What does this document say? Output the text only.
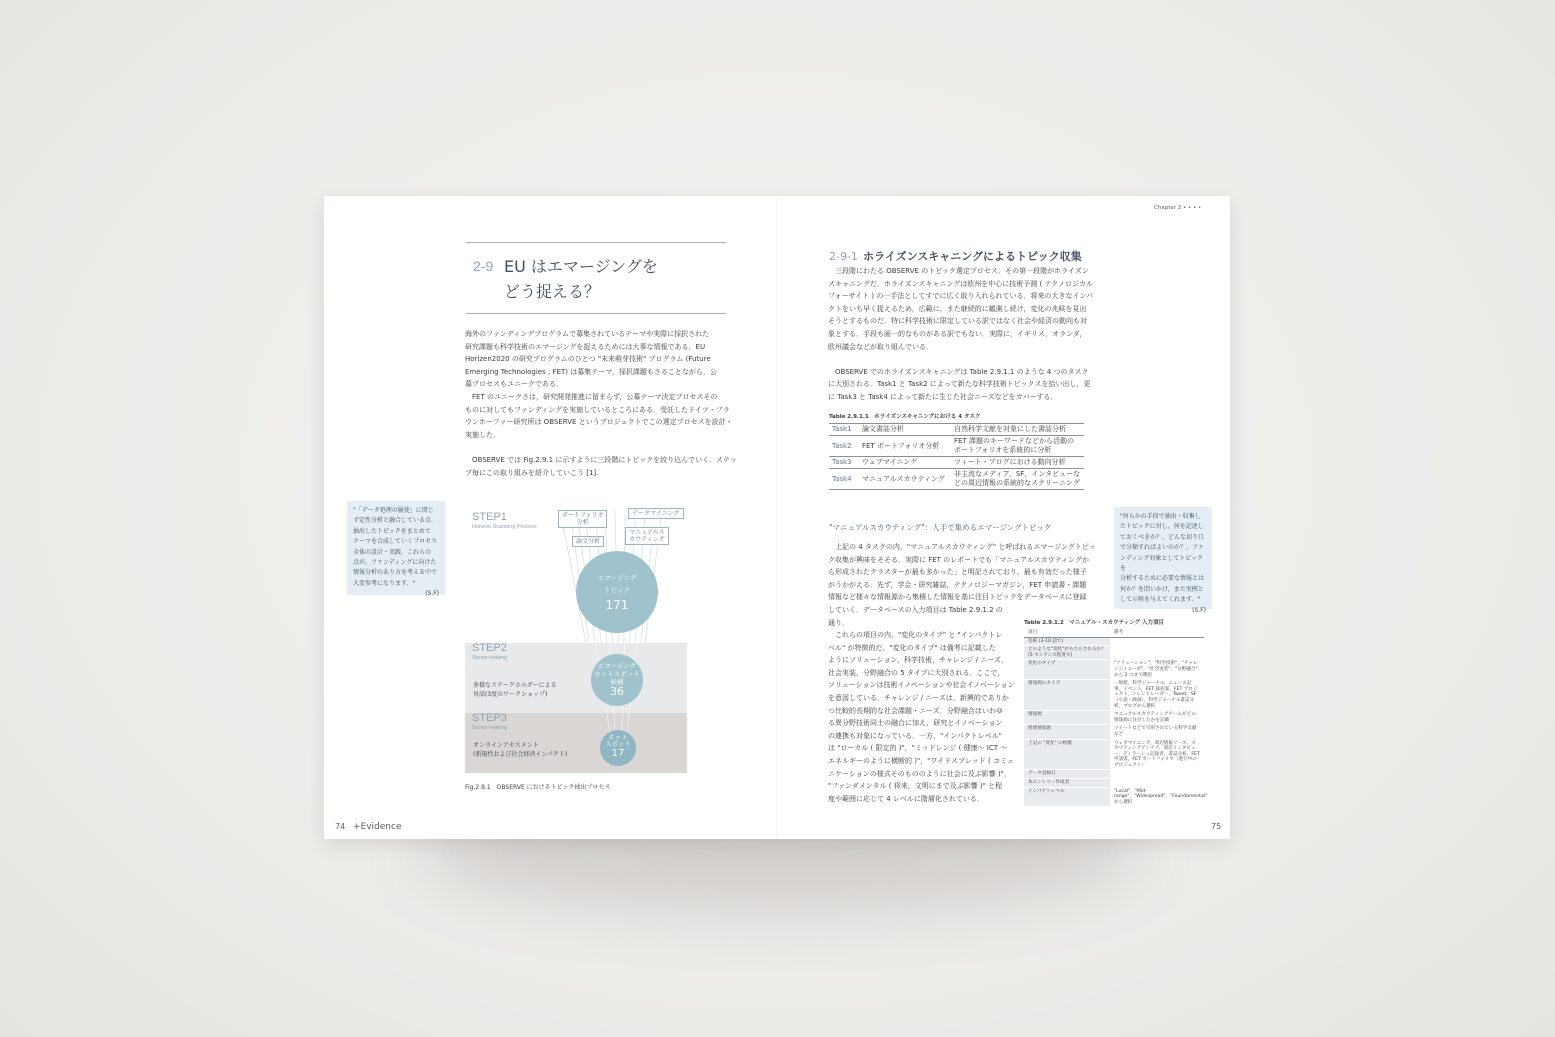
Chapter 2 • • • •
2-9 EU はエマージングを
どう捉える？
海外のファンディングプログラムで募集されているテーマや実際に採択された
研究課題も科学技術のエマージングを捉えるためには大事な情報である．EU
Horizen2020 の研究プログラムのひとつ "未来萌芽技術" プログラム (Future
Emerging Technologies ; FET) は募集テーマ，採択課題もさることながら，公
募プロセスもユニークである．
　FET のユニークさは，研究開発推進に留まらず，公募テーマ決定プロセスその
ものに対してもファンディングを実施しているところにある．受託したドイツ・フラ
ウンホーファー研究所は OBSERVE というプロジェクトでこの選定プロセスを設計・
実施した．
　OBSERVE では Fig.2.9.1 に示すように三段階にトピックを絞り込んでいく．ステッ
プ毎にこの取り組みを紹介していこう [1].
"「データ処理の履使」に閉じ
ず定性分析と融合している点.
抽出したトピックをまとめて
テーマを合成していくプロセス
全体の設計・実践．これらの
点が，ファンディングに向けた
情報分析のあり方を考える中で
大変参考になります．"
(S.F)
STEP1
Horizon Scanning Process
ポートフォリオ
分析
データマイニング
マニュアルス
カウティング
論文分析
エマージング
トピック
171
STEP2
Sense-making
多様なステークホルダーによる
対話(3度のワークショップ)
エマージング
ホットスポット
候補
36
STEP3
Sense-making
オンラインアセスメント
(新規性および社会経済インパクト)
ホット
スポット
17
Fig.2.9.1　OBSERVE におけるトピック抽出プロセス
74 +Evidence
2-9-1 ホライズンスキャニングによるトピック収集
　三段階にわたる OBSERVE のトピック選定プロセス．その第一段階がホライズン
スキャニングだ．ホライズンスキャニングは欧州を中心に技術予測 ( テクノロジカル
フォーサイト ) の一手法としてすでに広く取り入れられている．将来の大きなインパ
クトをいち早く捉えるため，広範に，また継続的に観測し続け，変化の兆候を見出
そうとするものだ．特に科学技術に限定している訳ではなく社会や経済の動向も対
象とする．手段も画一的なものがある訳でもない．実際に，イギリス，オランダ，
欧州議会などが取り組んでいる．
　OBSERVE でのホライズンスキャニングは Table 2.9.1.1 のような 4 つのタスク
に大別される．Task1 と Task2 によって新たな科学技術トピックスを拾い出し，更
に Task3 と Task4 によって新たに生じた社会ニーズなどをカバーする．
Table 2.9.1.1　ホライズンスキャニングにおける 4 タスク
Task1	論文書誌分析	自然科学文献を対象にした書誌分析
Task2	FET ポートフォリオ分析	FET 課題のキーワードなどから活動の ポートフォリオを系統的に分析
Task3	ウェブマイニング	ツィート・ブログにおける動向分析
Task4	マニュアルスカウティング	非主流なメディア，SF，インタビューな どの周辺情報の系統的なスクリーニング
"マニュアルスカウティング"：人手で集めるエマージングトピック
　上記の 4 タスクの内，"マニュアルスカウティング" と呼ばれるエマージングトピッ
ク収集が興味をそそる．実際に FET のレポートでも「マニュアルスカウティングか
ら形成されたクラスターが最も多かった」と明記されており，最も有効だった様子
がうかがえる．先ず，学会・研究雑誌，テクノロジーマガジン，FET 申請書・課題
情報など様々な情報源から集積した情報を基に注目トピックをデータベースに登録
していく．データベースの入力項目は Table 2.9.1.2 の
通り．
　これらの項目の内，"変化のタイプ" と "インパクトレ
ベル" が特徴的だ．"変化のタイプ" は備考に記載した
ようにソリューション，科学技術，チャレンジ / ニーズ，
社会実装，分野融合の 5 タイプに大別される．ここで，
ソリューションは技術イノベーションや社会イノベーション
を意図している．チャレンジ / ニーズは，新興的でありか
つ比較的長期的な社会課題・ニーズ．分野融合はいわゆ
る異分野技術同士の融合に加え，研究とイノベーション
の連携も対象になっている．一方，"インパクトレベル"
は "ローカル ( 限定的 )"，"ミッドレンジ ( 健康～ ICT ～
エネルギーのように横断的 )"，"ワイドスプレッド ( コミュ
ニケーションの様式そのもののように社会に及ぶ影響 )"，
"ファンダメンタル ( 将来，文明にまで及ぶ影響 )" と程
度や範囲に応じて 4 レベルに階層化されている．
"何らかの手段で抽出・収集し
たトピックに対し，何を記述し
ておくべきか？，どんな切り口
で分類すればよいのか？，ファ
ンディング対象としてトピックを
分析するために必要な情報とは
何か？を問いかけ，また実例と
して示唆を与えてくれます．"
(S.F)
Table 2.9.1.2　マニュアル・スカウティング 入力項目
項目	備考
名称 (3-10 語で)	
どのような"変化"がもたらされるか？ (5 センテンス程度で)	
変化のタイプ	"ソリューション"，"科学技術"，"チャレンジ / ニーズ"，"社会実装"，"分野融合" から 2 つまで選択
情報源のタイプ	一般紙，科学ジャーナル，ニュース記事，イベント，FET 採択案，FET プロジェクト，トレンドレーダー，Tweet，SF（小説・映画），科学ジャーナル書誌分析，ブログから選択
情報源	マニュアルスカウティングチームがどの情報源に注目したかを記載
関連情報源	ツイートなどで引用されている科学文献など
上記の "変化" の根拠	ウェブマイニング，周辺情報ソース，スカウティングアンテナ，周辺インタビュー，ディラーシュ記録者，書誌分析，FET 申請書，FET ポートフォリオ（進行中のプロジェクト）
データ登録日	
本エントリー作成者	
インパクトレベル	"Local"，"Mid-range"，"Widespread"，"Foundamental" から選択
75
